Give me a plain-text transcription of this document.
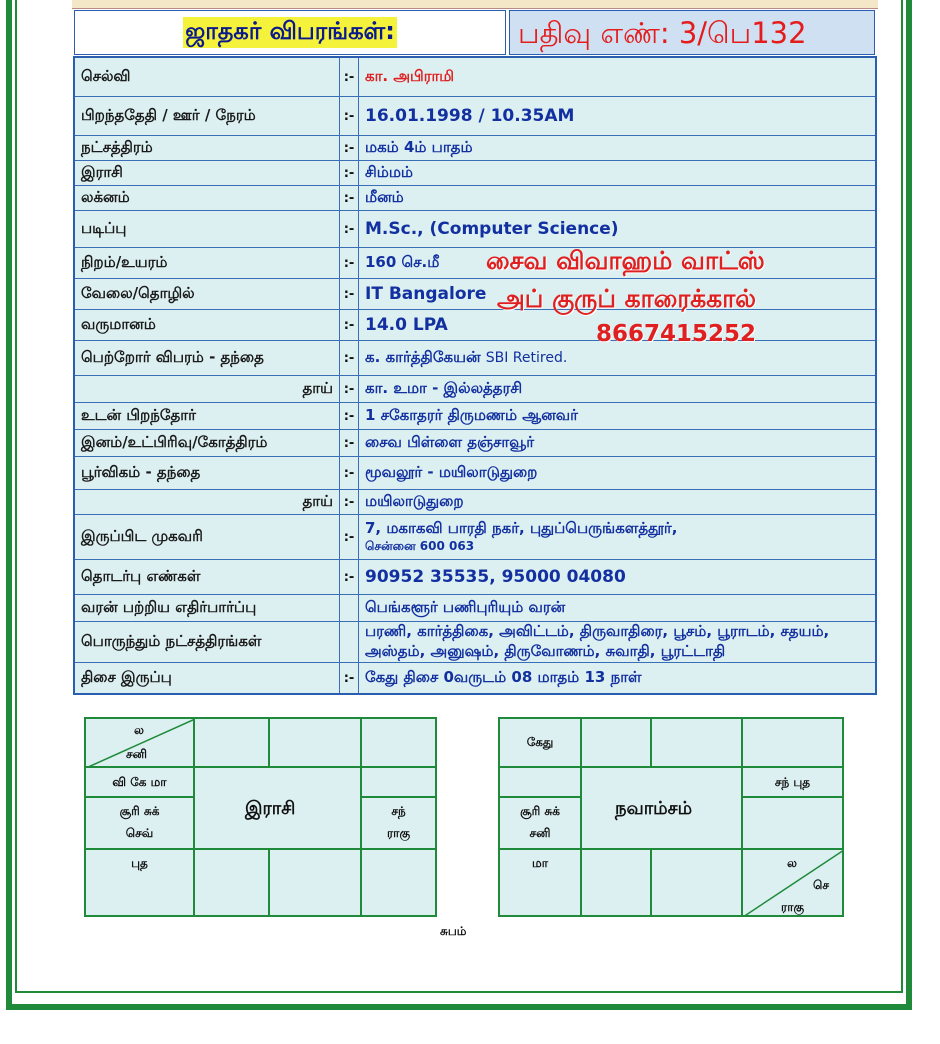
ஜாதகர் விபரங்கள்:	பதிவு எண்: 3/பெ132
செல்வி	:-	கா. அபிராமி
பிறந்ததேதி / ஊர் / நேரம்	:-	16.01.1998 / 10.35AM
நட்சத்திரம்	:-	மகம் 4ம் பாதம்
இராசி	:-	சிம்மம்
லக்னம்	:-	மீனம்
படிப்பு	:-	M.Sc., (Computer Science)
நிறம்/உயரம்	:-	160 செ.மீ
வேலை/தொழில்	:-	IT Bangalore
வருமானம்	:-	14.0 LPA
பெற்றோர் விபரம் - தந்தை	:-	க. கார்த்திகேயன் SBI Retired.
தாய்	:-	கா. உமா - இல்லத்தரசி
உடன் பிறந்தோர்	:-	1 சகோதரர் திருமணம் ஆனவர்
இனம்/உட்பிரிவு/கோத்திரம்	:-	சைவ பிள்ளை தஞ்சாவூர்
பூர்விகம் - தந்தை	:-	மூவலூர் - மயிலாடுதுறை
தாய்	:-	மயிலாடுதுறை
இருப்பிட முகவரி	:-	7, மகாகவி பாரதி நகர், புதுப்பெருங்களத்தூர்,
சென்னை 600 063

தொடர்பு எண்கள்	:-	90952 35535, 95000 04080
வரன் பற்றிய எதிர்பார்ப்பு		பெங்களூர் பணிபுரியும் வரன்
பொருந்தும் நட்சத்திரங்கள்		பரணி, கார்த்திகை, அவிட்டம், திருவாதிரை, பூசம், பூராடம், சதயம்,
அஸ்தம், அனுஷம், திருவோணம், சுவாதி, பூரட்டாதி

திசை இருப்பு	:-	கேது திசை 0வருடம் 08 மாதம் 13 நாள்
சைவ விவாஹம் வாட்ஸ்
அப் குருப் காரைக்கால்
8667415252
ல
சனி
வி கே மா
சூரி சுக்
செவ்
சந்
ராகு
இராசி
புத
கேது
சந் புத
சூரி சுக்
சனி
நவாம்சம்
மா	ல
செ
ராகு
சுபம்
